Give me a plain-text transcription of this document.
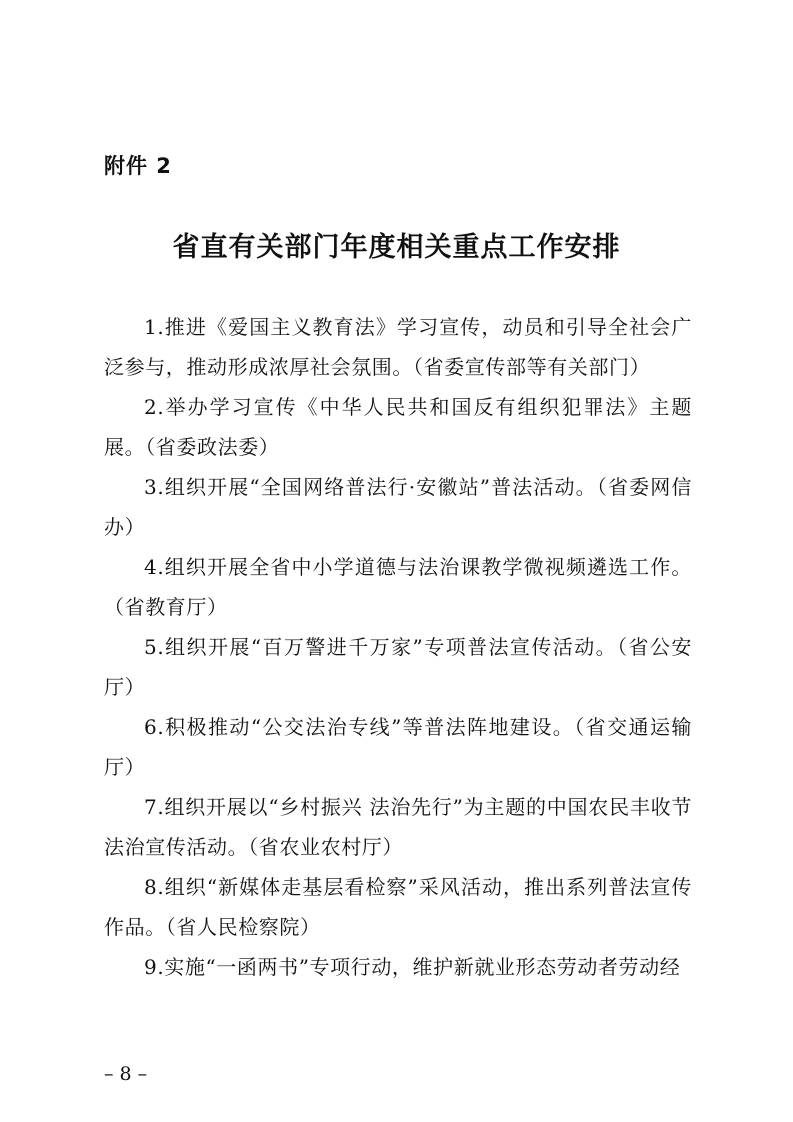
附件 2

省直有关部门年度相关重点工作安排

1.推进《爱国主义教育法》学习宣传，动员和引导全社会广泛参与，推动形成浓厚社会氛围。（省委宣传部等有关部门）

2.举办学习宣传《中华人民共和国反有组织犯罪法》主题展。（省委政法委）

3.组织开展“全国网络普法行·安徽站”普法活动。（省委网信办）

4.组织开展全省中小学道德与法治课教学微视频遴选工作。（省教育厅）

5.组织开展“百万警进千万家”专项普法宣传活动。（省公安厅）

6.积极推动“公交法治专线”等普法阵地建设。（省交通运输厅）

7.组织开展以“乡村振兴 法治先行”为主题的中国农民丰收节法治宣传活动。（省农业农村厅）

8.组织“新媒体走基层看检察”采风活动，推出系列普法宣传作品。（省人民检察院）

9.实施“一函两书”专项行动，维护新就业形态劳动者劳动经

– 8 –
